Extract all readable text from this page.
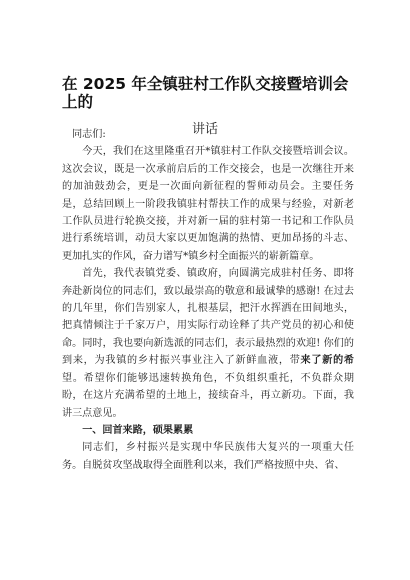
在 2025 年全镇驻村工作队交接暨培训会上的
讲话

同志们:

今天，我们在这里隆重召开*镇驻村工作队交接暨培训会议。这次会议，既是一次承前启后的工作交接会，也是一次继往开来的加油鼓劲会，更是一次面向新征程的誓师动员会。主要任务是，总结回顾上一阶段我镇驻村帮扶工作的成果与经验，对新老工作队员进行轮换交接，并对新一届的驻村第一书记和工作队员进行系统培训，动员大家以更加饱满的热情、更加昂扬的斗志、更加扎实的作风，奋力谱写*镇乡村全面振兴的崭新篇章。

首先，我代表镇党委、镇政府，向圆满完成驻村任务、即将奔赴新岗位的同志们，致以最崇高的敬意和最诚挚的感谢! 在过去的几年里，你们告别家人，扎根基层，把汗水挥洒在田间地头，把真情倾注于千家万户，用实际行动诠释了共产党员的初心和使命。同时，我也要向新选派的同志们，表示最热烈的欢迎! 你们的到来，为我镇的乡村振兴事业注入了新鲜血液，带来了新的希望。希望你们能够迅速转换角色，不负组织重托，不负群众期盼，在这片充满希望的土地上，接续奋斗，再立新功。下面，我讲三点意见。

一、回首来路，硕果累累

同志们，乡村振兴是实现中华民族伟大复兴的一项重大任务。自脱贫攻坚战取得全面胜利以来，我们严格按照中央、省、
